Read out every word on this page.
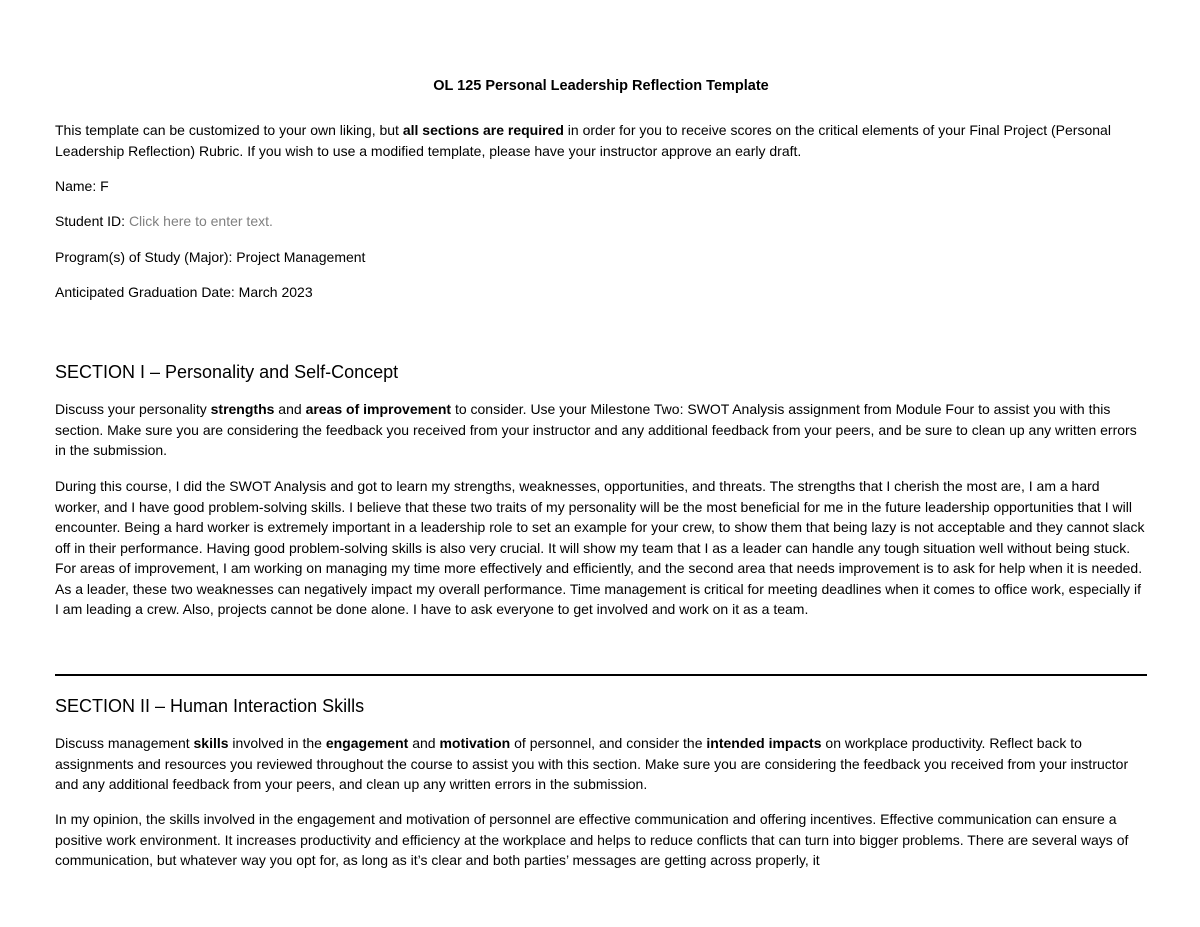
OL 125 Personal Leadership Reflection Template

This template can be customized to your own liking, but all sections are required in order for you to receive scores on the critical elements of your Final Project (Personal Leadership Reflection) Rubric. If you wish to use a modified template, please have your instructor approve an early draft.

Name: F
Student ID: Click here to enter text.
Program(s) of Study (Major): Project Management
Anticipated Graduation Date: March 2023
SECTION I – Personality and Self-Concept

Discuss your personality strengths and areas of improvement to consider. Use your Milestone Two: SWOT Analysis assignment from Module Four to assist you with this section. Make sure you are considering the feedback you received from your instructor and any additional feedback from your peers, and be sure to clean up any written errors in the submission.

During this course, I did the SWOT Analysis and got to learn my strengths, weaknesses, opportunities, and threats. The strengths that I cherish the most are, I am a hard worker, and I have good problem-solving skills. I believe that these two traits of my personality will be the most beneficial for me in the future leadership opportunities that I will encounter. Being a hard worker is extremely important in a leadership role to set an example for your crew, to show them that being lazy is not acceptable and they cannot slack off in their performance. Having good problem-solving skills is also very crucial. It will show my team that I as a leader can handle any tough situation well without being stuck. For areas of improvement, I am working on managing my time more effectively and efficiently, and the second area that needs improvement is to ask for help when it is needed. As a leader, these two weaknesses can negatively impact my overall performance. Time management is critical for meeting deadlines when it comes to office work, especially if I am leading a crew. Also, projects cannot be done alone. I have to ask everyone to get involved and work on it as a team.

SECTION II – Human Interaction Skills

Discuss management skills involved in the engagement and motivation of personnel, and consider the intended impacts on workplace productivity. Reflect back to assignments and resources you reviewed throughout the course to assist you with this section. Make sure you are considering the feedback you received from your instructor and any additional feedback from your peers, and clean up any written errors in the submission.

In my opinion, the skills involved in the engagement and motivation of personnel are effective communication and offering incentives. Effective communication can ensure a positive work environment. It increases productivity and efficiency at the workplace and helps to reduce conflicts that can turn into bigger problems. There are several ways of communication, but whatever way you opt for, as long as it’s clear and both parties’ messages are getting across properly, it
